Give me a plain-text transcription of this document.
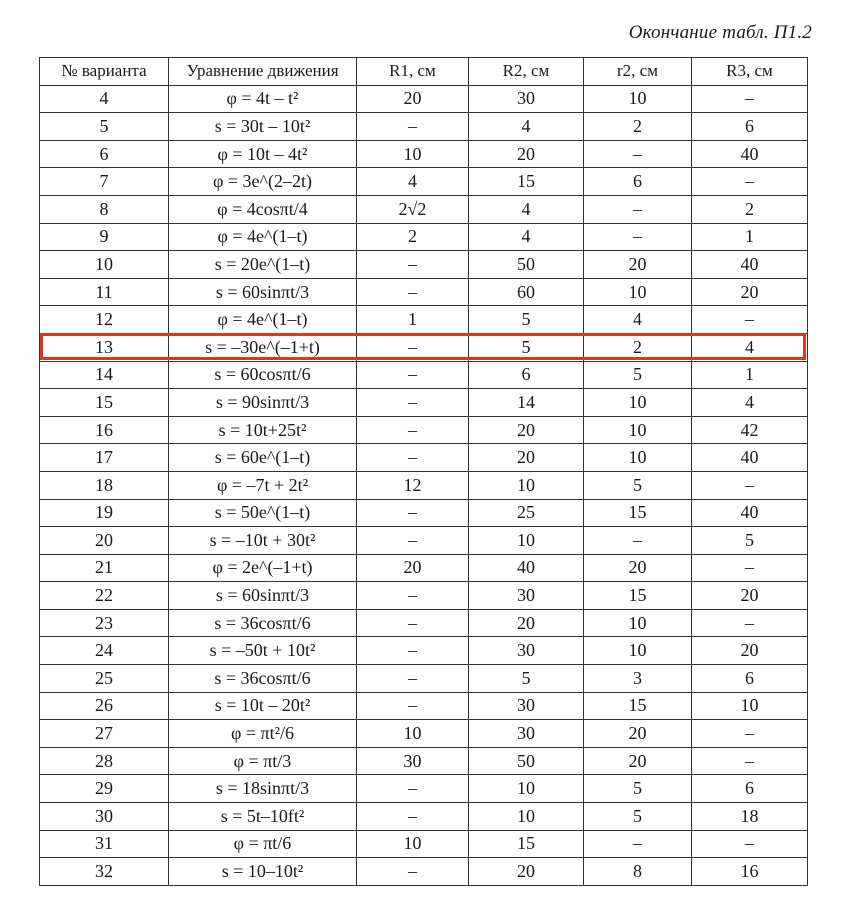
Окончание табл. П1.2
№ варианта	Уравнение движения	R1, см	R2, см	r2, см	R3, см
4	φ = 4t – t²	20	30	10	–
5	s = 30t – 10t²	–	4	2	6
6	φ = 10t – 4t²	10	20	–	40
7	φ = 3e^(2–2t)	4	15	6	–
8	φ = 4cosπt/4	2√2	4	–	2
9	φ = 4e^(1–t)	2	4	–	1
10	s = 20e^(1–t)	–	50	20	40
11	s = 60sinπt/3	–	60	10	20
12	φ = 4e^(1–t)	1	5	4	–
13	s = –30e^(–1+t)	–	5	2	4
14	s = 60cosπt/6	–	6	5	1
15	s = 90sinπt/3	–	14	10	4
16	s = 10t+25t²	–	20	10	42
17	s = 60e^(1–t)	–	20	10	40
18	φ = –7t + 2t²	12	10	5	–
19	s = 50e^(1–t)	–	25	15	40
20	s = –10t + 30t²	–	10	–	5
21	φ = 2e^(–1+t)	20	40	20	–
22	s = 60sinπt/3	–	30	15	20
23	s = 36cosπt/6	–	20	10	–
24	s = –50t + 10t²	–	30	10	20
25	s = 36cosπt/6	–	5	3	6
26	s = 10t – 20t²	–	30	15	10
27	φ = πt²/6	10	30	20	–
28	φ = πt/3	30	50	20	–
29	s = 18sinπt/3	–	10	5	6
30	s = 5t–10ft²	–	10	5	18
31	φ = πt/6	10	15	–	–
32	s = 10–10t²	–	20	8	16
